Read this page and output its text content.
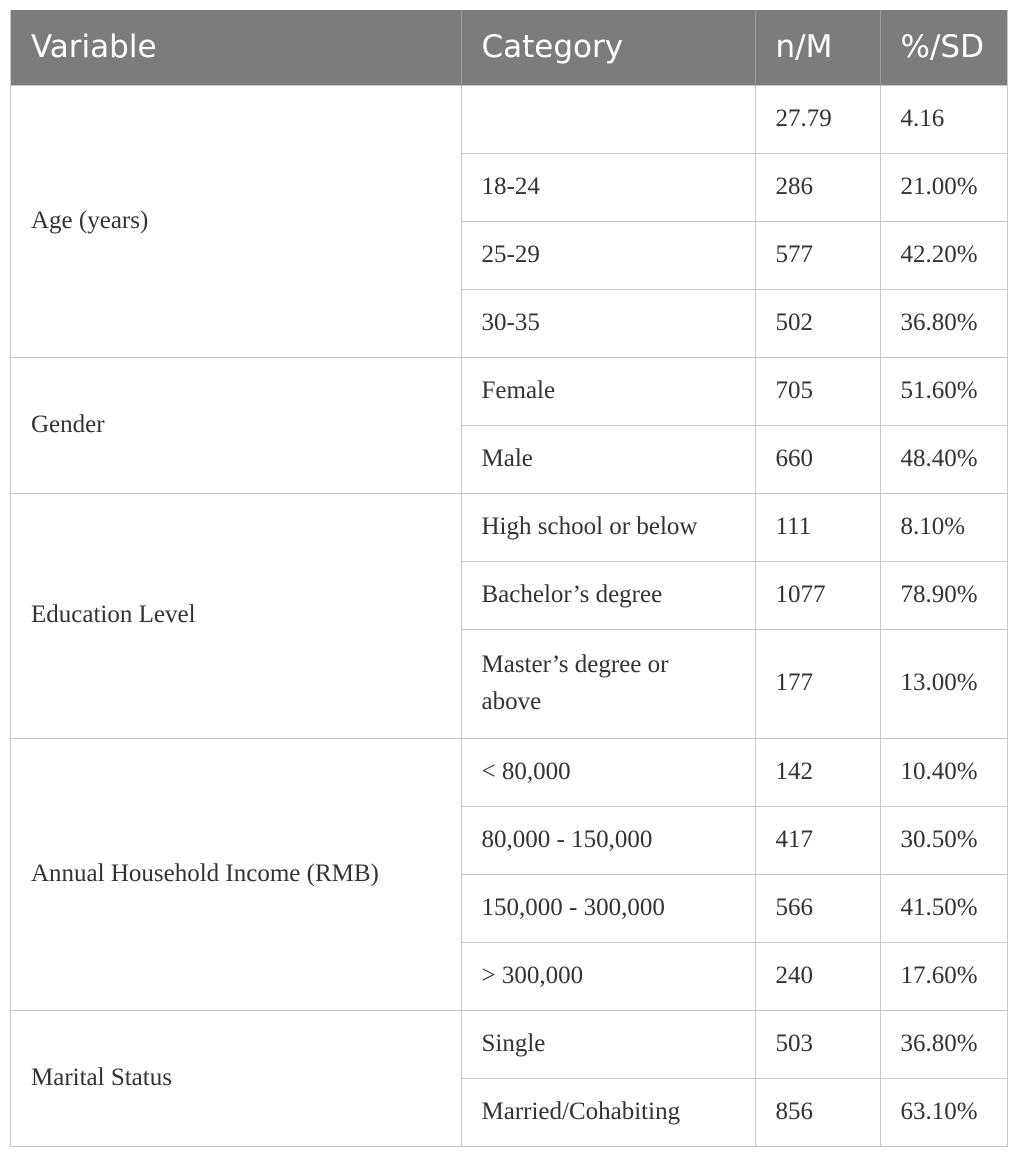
Variable	Category	n/M	%/SD
Age (years)		27.79	4.16
	18-24	286	21.00%
	25-29	577	42.20%
	30-35	502	36.80%
Gender	Female	705	51.60%
	Male	660	48.40%
Education Level	High school or below	111	8.10%
	Bachelor’s degree	1077	78.90%
	Master’s degree or above	177	13.00%
Annual Household Income (RMB)	< 80,000	142	10.40%
	80,000 - 150,000	417	30.50%
	150,000 - 300,000	566	41.50%
	> 300,000	240	17.60%
Marital Status	Single	503	36.80%
	Married/Cohabiting	856	63.10%
